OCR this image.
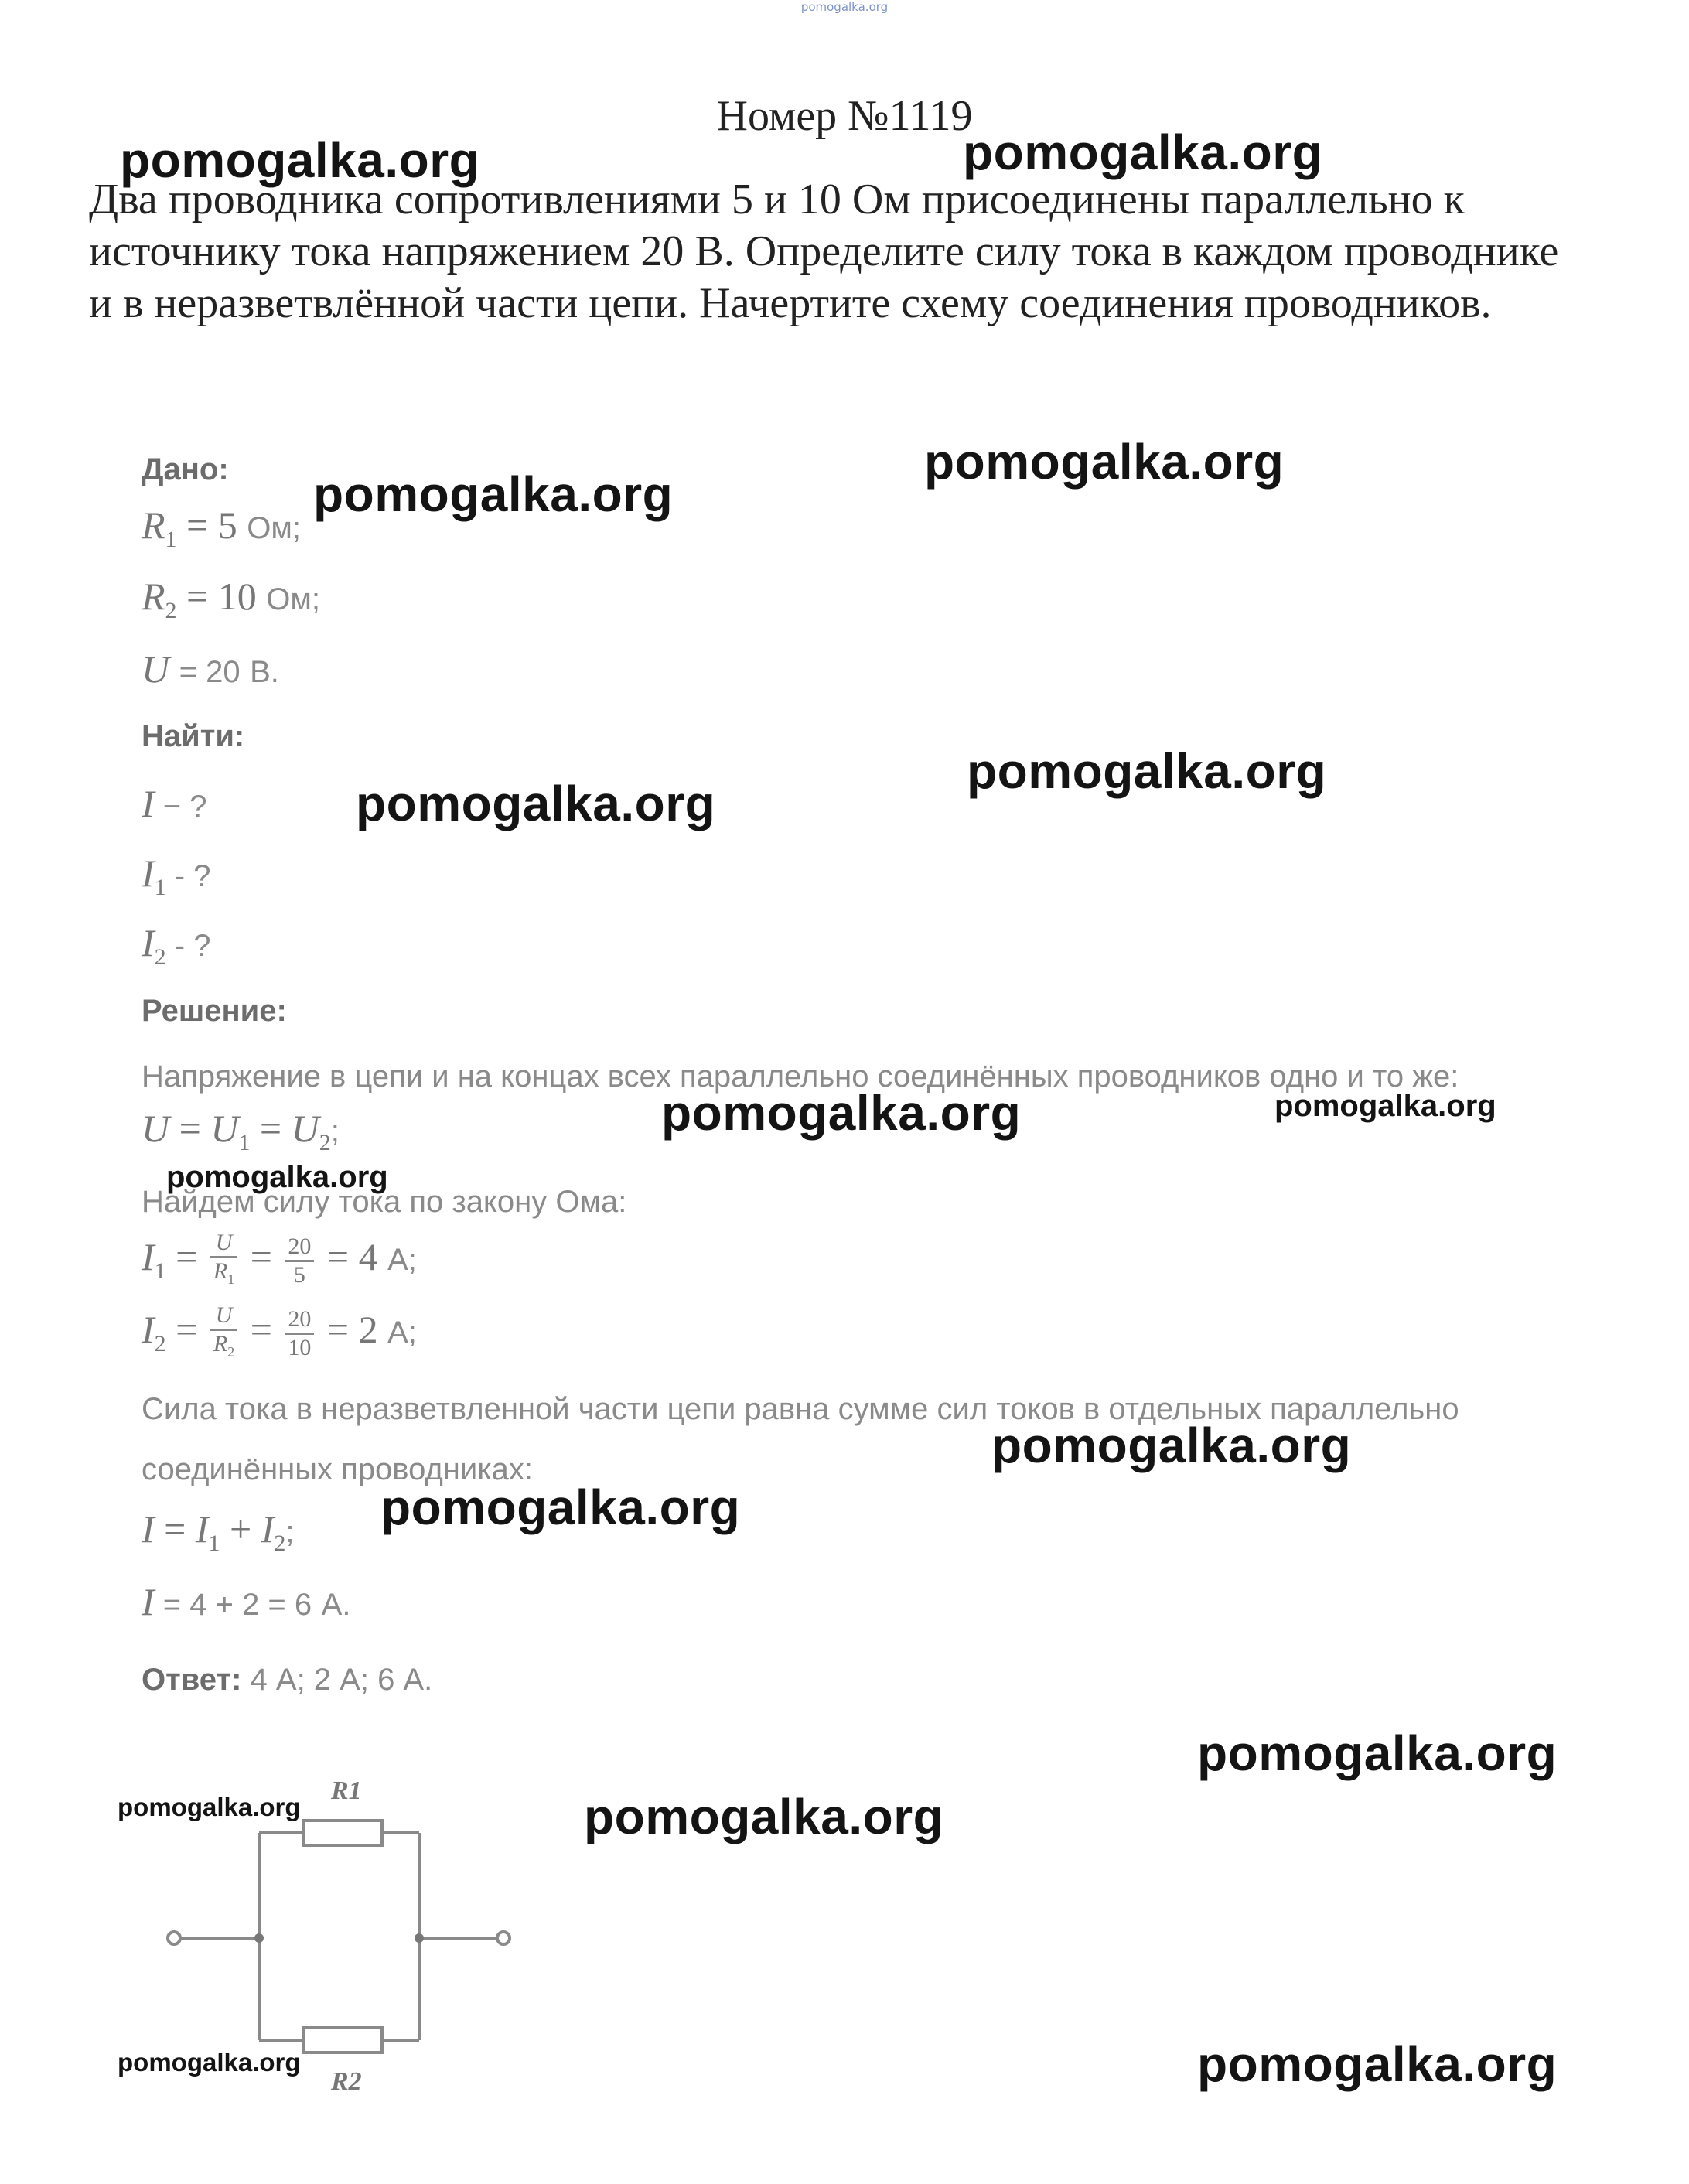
pomogalka.org
Номер №1119
Два проводника сопротивлениями 5 и 10 Ом присоединены параллельно к источнику тока напряжением 20 В. Определите силу тока в каждом проводнике и в неразветвлённой части цепи. Начертите схему соединения проводников.
Дано:
$R_1 = 5$ Ом;
$R_2 = 10$ Ом;
U = 20 В.
Найти:
I − ?
$I_1$ - ?
$I_2$ - ?
Решение:
Напряжение в цепи и на концах всех параллельно соединённых проводников одно и то же:
$U = U_1 = U_2$;
Найдем силу тока по закону Ома:
$I_1 = \frac{U}{R_1} = \frac{20}{5} = 4$ А;
$I_2 = \frac{U}{R_2} = \frac{20}{10} = 2$ А;
Сила тока в неразветвленной части цепи равна сумме сил токов в отдельных параллельно
соединённых проводниках:
$I = I_1 + I_2$;
I = 4 + 2 = 6 А.
Ответ: 4 А; 2 А; 6 А.
R1
R2
pomogalka.org	pomogalka.org
pomogalka.org
pomogalka.org
pomogalka.org
pomogalka.org
pomogalka.org	pomogalka.org
pomogalka.org
pomogalka.org
pomogalka.org
pomogalka.org
pomogalka.org	pomogalka.org
pomogalka.org	pomogalka.org
